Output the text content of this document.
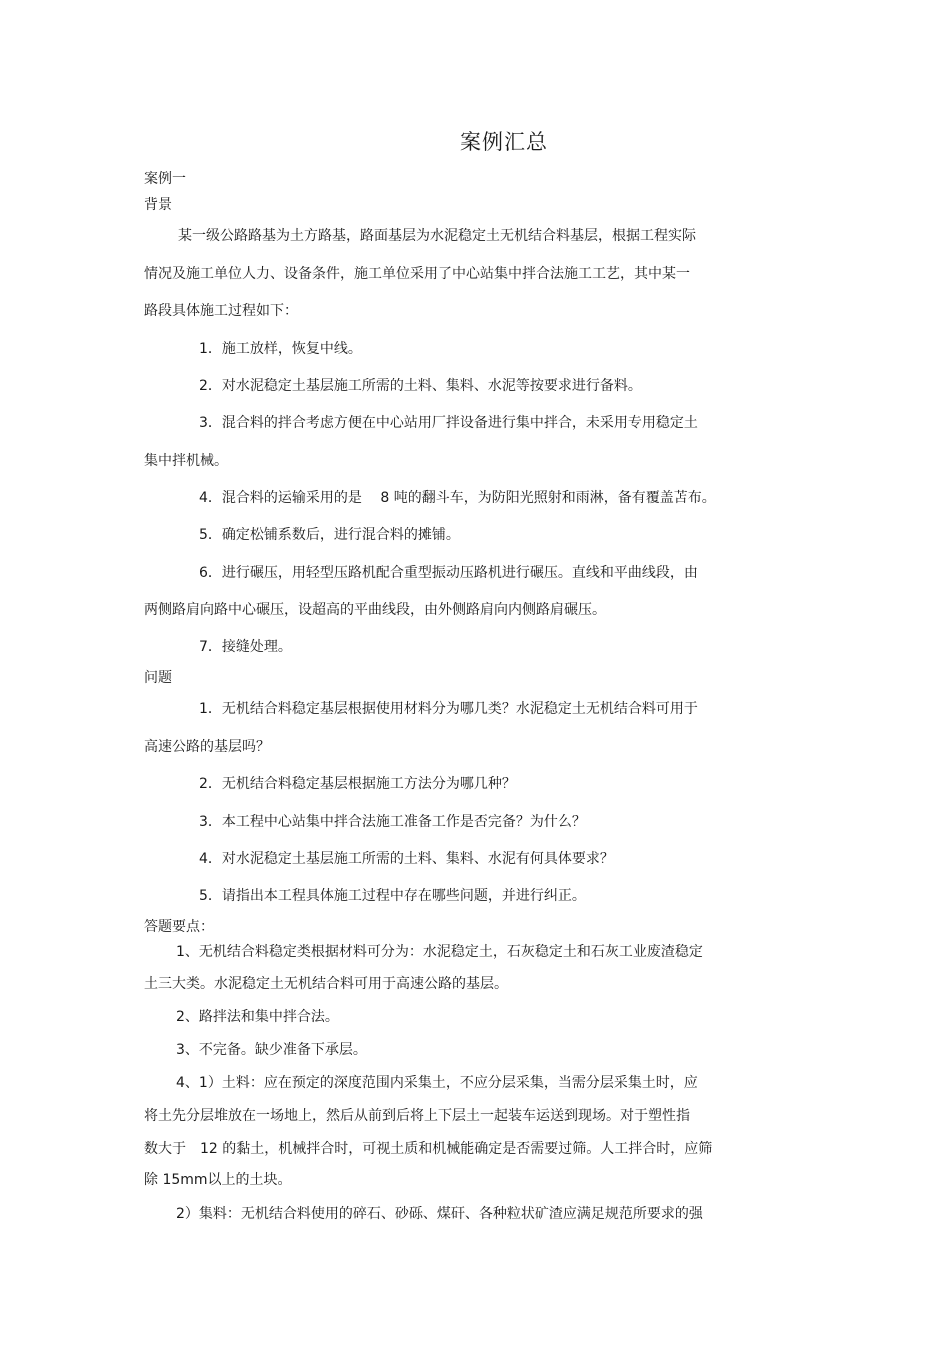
案例汇总

案例一

背景

某一级公路路基为土方路基，路面基层为水泥稳定土无机结合料基层，根据工程实际

情况及施工单位人力、设备条件，施工单位采用了中心站集中拌合法施工工艺，其中某一

路段具体施工过程如下：

1．施工放样，恢复中线。

2．对水泥稳定土基层施工所需的土料、集料、水泥等按要求进行备料。

3．混合料的拌合考虑方便在中心站用厂拌设备进行集中拌合，未采用专用稳定土

集中拌机械。

4．混合料的运输采用的是　 8 吨的翻斗车，为防阳光照射和雨淋，备有覆盖苫布。

5．确定松铺系数后，进行混合料的摊铺。

6．进行碾压，用轻型压路机配合重型振动压路机进行碾压。直线和平曲线段，由

两侧路肩向路中心碾压，设超高的平曲线段，由外侧路肩向内侧路肩碾压。

7．接缝处理。

问题

1．无机结合料稳定基层根据使用材料分为哪几类？水泥稳定土无机结合料可用于

高速公路的基层吗？

2．无机结合料稳定基层根据施工方法分为哪几种？

3．本工程中心站集中拌合法施工准备工作是否完备？为什么？

4．对水泥稳定土基层施工所需的土料、集料、水泥有何具体要求？

5．请指出本工程具体施工过程中存在哪些问题，并进行纠正。

答题要点：

1、无机结合料稳定类根据材料可分为：水泥稳定土，石灰稳定土和石灰工业废渣稳定

土三大类。水泥稳定土无机结合料可用于高速公路的基层。

2、路拌法和集中拌合法。

3、不完备。缺少准备下承层。

4、1）土料：应在预定的深度范围内采集土，不应分层采集，当需分层采集土时，应

将土先分层堆放在一场地上，然后从前到后将上下层土一起装车运送到现场。对于塑性指

数大于　12 的黏土，机械拌合时，可视土质和机械能确定是否需要过筛。人工拌合时，应筛

除 15mm以上的土块。

2）集料：无机结合料使用的碎石、砂砾、煤矸、各种粒状矿渣应满足规范所要求的强
